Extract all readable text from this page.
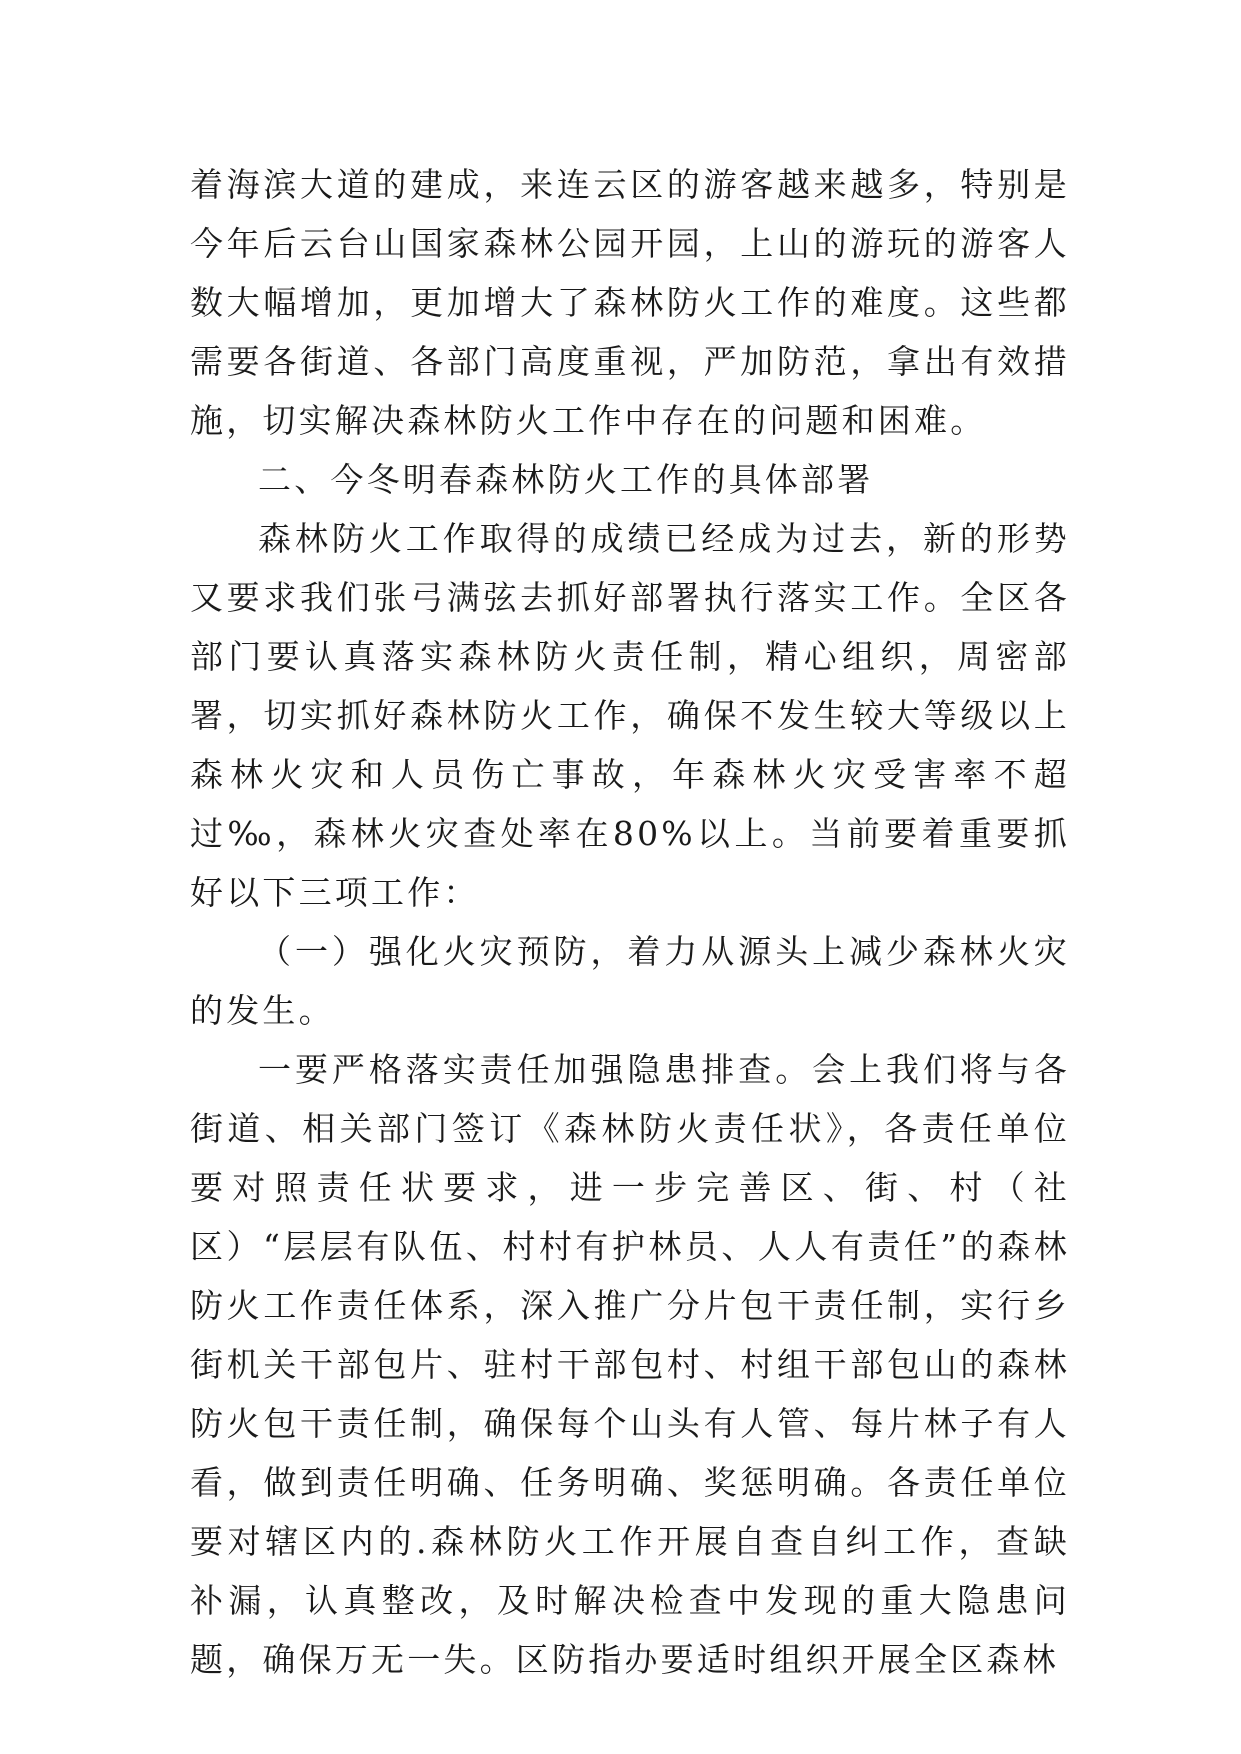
着海滨大道的建成，来连云区的游客越来越多，特别是今年后云台山国家森林公园开园，上山的游玩的游客人数大幅增加，更加增大了森林防火工作的难度。这些都需要各街道、各部门高度重视，严加防范，拿出有效措施，切实解决森林防火工作中存在的问题和困难。

二、今冬明春森林防火工作的具体部署

森林防火工作取得的成绩已经成为过去，新的形势又要求我们张弓满弦去抓好部署执行落实工作。全区各部门要认真落实森林防火责任制，精心组织，周密部署，切实抓好森林防火工作，确保不发生较大等级以上森林火灾和人员伤亡事故，年森林火灾受害率不超过‰，森林火灾查处率在80%以上。当前要着重要抓好以下三项工作：

（一）强化火灾预防，着力从源头上减少森林火灾的发生。

一要严格落实责任加强隐患排查。会上我们将与各街道、相关部门签订《森林防火责任状》，各责任单位要对照责任状要求，进一步完善区、街、村（社区）“层层有队伍、村村有护林员、人人有责任”的森林防火工作责任体系，深入推广分片包干责任制，实行乡街机关干部包片、驻村干部包村、村组干部包山的森林防火包干责任制，确保每个山头有人管、每片林子有人看，做到责任明确、任务明确、奖惩明确。各责任单位要对辖区内的.森林防火工作开展自查自纠工作，查缺补漏，认真整改，及时解决检查中发现的重大隐患问题，确保万无一失。区防指办要适时组织开展全区森林
